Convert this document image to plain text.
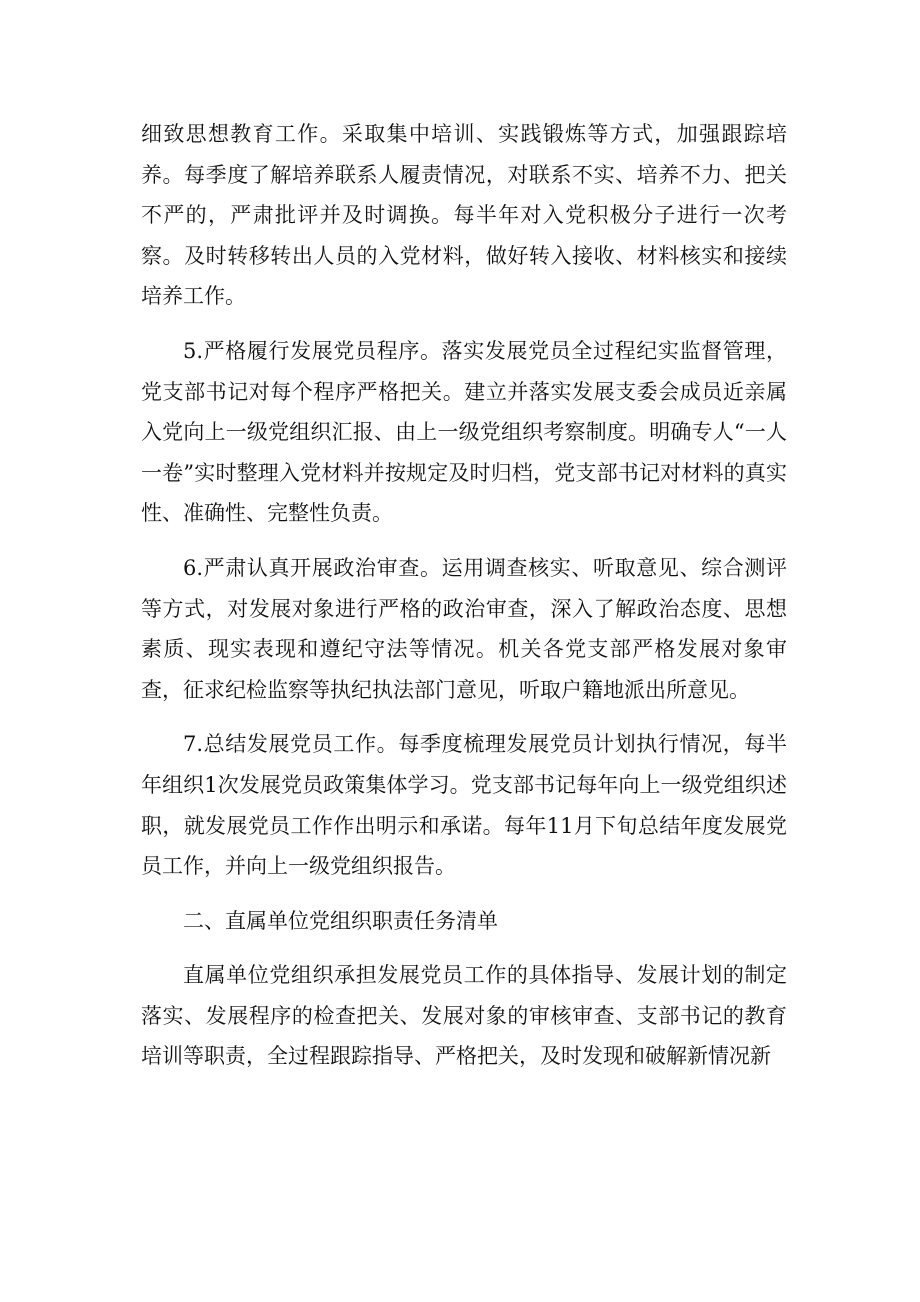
细致思想教育工作。采取集中培训、实践锻炼等方式，加强跟踪培养。每季度了解培养联系人履责情况，对联系不实、培养不力、把关不严的，严肃批评并及时调换。每半年对入党积极分子进行一次考察。及时转移转出人员的入党材料，做好转入接收、材料核实和接续培养工作。

5.严格履行发展党员程序。落实发展党员全过程纪实监督管理，党支部书记对每个程序严格把关。建立并落实发展支委会成员近亲属入党向上一级党组织汇报、由上一级党组织考察制度。明确专人“一人一卷”实时整理入党材料并按规定及时归档，党支部书记对材料的真实性、准确性、完整性负责。

6.严肃认真开展政治审查。运用调查核实、听取意见、综合测评等方式，对发展对象进行严格的政治审查，深入了解政治态度、思想素质、现实表现和遵纪守法等情况。机关各党支部严格发展对象审查，征求纪检监察等执纪执法部门意见，听取户籍地派出所意见。

7.总结发展党员工作。每季度梳理发展党员计划执行情况，每半年组织1次发展党员政策集体学习。党支部书记每年向上一级党组织述职，就发展党员工作作出明示和承诺。每年11月下旬总结年度发展党员工作，并向上一级党组织报告。

二、直属单位党组织职责任务清单

直属单位党组织承担发展党员工作的具体指导、发展计划的制定落实、发展程序的检查把关、发展对象的审核审查、支部书记的教育培训等职责，全过程跟踪指导、严格把关，及时发现和破解新情况新
